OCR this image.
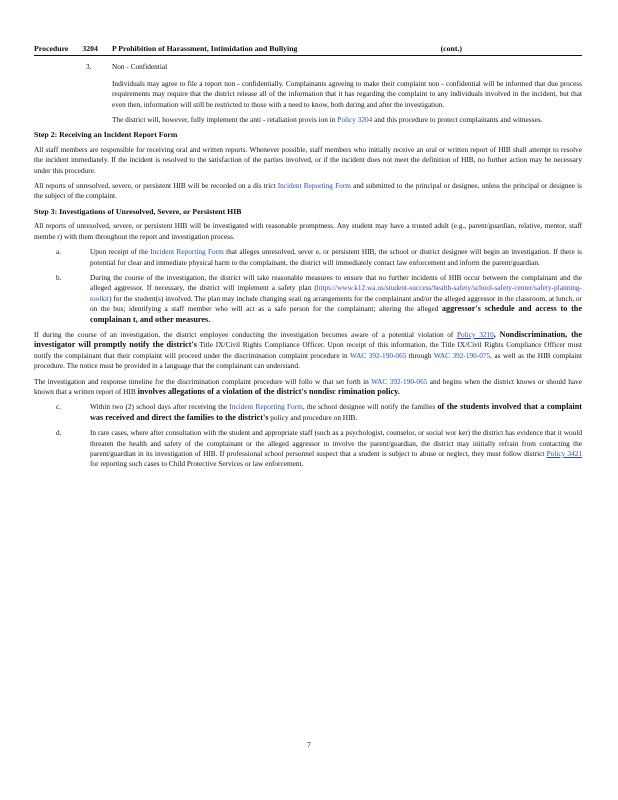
Procedure 3204 P Prohibition of Harassment, Intimidation and Bullying	(cont.)

3.	Non - Confidential

Individuals may agree to file a report non - confidentially. Complainants agreeing to make their complaint non - confidential will be informed that due process requirements may require that the district release all of the information that it has regarding the complaint to any individuals involved in the incident, but that even then, information will still be restricted to those with a need to know, both during and after the investigation.

The district will, however, fully implement the anti - retaliation provis ion in Policy 3204 and this procedure to protect complainants and witnesses.

Step 2: Receiving an Incident Report Form

All staff members are responsible for receiving oral and written reports. Whenever possible, staff members who initially receive an oral or written report of HIB shall attempt to resolve the incident immediately. If the incident is resolved to the satisfaction of the parties involved, or if the incident does not meet the definition of HIB, no further action may be necessary under this procedure.

All reports of unresolved, severe, or persistent HIB will be recorded on a dis trict Incident Reporting Form and submitted to the principal or designee, unless the principal or designee is the subject of the complaint.

Step 3: Investigations of Unresolved, Severe, or Persistent HIB

All reports of unresolved, severe, or persistent HIB will be investigated with reasonable promptness. Any student may have a trusted adult (e.g., parent/guardian, relative, mentor, staff membe r) with them throughout the report and investigation process.

a.	Upon receipt of the Incident Reporting Form that alleges unresolved, sever e, or persistent HIB, the school or district designee will begin an investigation. If there is potential for clear and immediate physical harm to the complainant, the district will immediately contact law enforcement and inform the parent/guardian.
b.	During the course of the investigation, the district will take reasonable measures to ensure that no further incidents of HIB occur between the complainant and the alleged aggressor. If necessary, the district will implement a safety plan (https://www.k12.wa.us/student-success/health-safety/school-safety-center/safety-planning-toolkit) for the student(s) involved. The plan may include changing seati ng arrangements for the complainant and/or the alleged aggressor in the classroom, at lunch, or on the bus; identifying a staff member who will act as a safe person for the complainant; altering the alleged aggressor's schedule and access to the complainan t, and other measures.

If during the course of an investigation, the district employee conducting the investigation becomes aware of a potential violation of Policy 3210, Nondiscrimination, the investigator will promptly notify the district's Title IX/Civil Rights Compliance Officer. Upon receipt of this information, the Title IX/Civil Rights Compliance Officer must notify the complainant that their complaint will proceed under the discrimination complaint procedure in WAC 392-190-065 through WAC 392-190-075, as well as the HIB complaint procedure. The notice must be provided in a language that the complainant can understand.

The investigation and response timeline for the discrimination complaint procedure will follo w that set forth in WAC 392-190-065 and begins when the district knows or should have known that a written report of HIB involves allegations of a violation of the district's nondisc rimination policy.

c.	Within two (2) school days after receiving the Incident Reporting Form, the school designee will notify the families of the students involved that a complaint was received and direct the families to the district's policy and procedure on HIB.
d.	In rare cases, where after consultation with the student and appropriate staff (such as a psychologist, counselor, or social wor ker) the district has evidence that it would threaten the health and safety of the complainant or the alleged aggressor to involve the parent/guardian, the district may initially refrain from contacting the parent/guardian in its investigation of HIB. If professional school personnel suspect that a student is subject to abuse or neglect, they must follow district Policy 3421 for reporting such cases to Child Protective Services or law enforcement.
7
